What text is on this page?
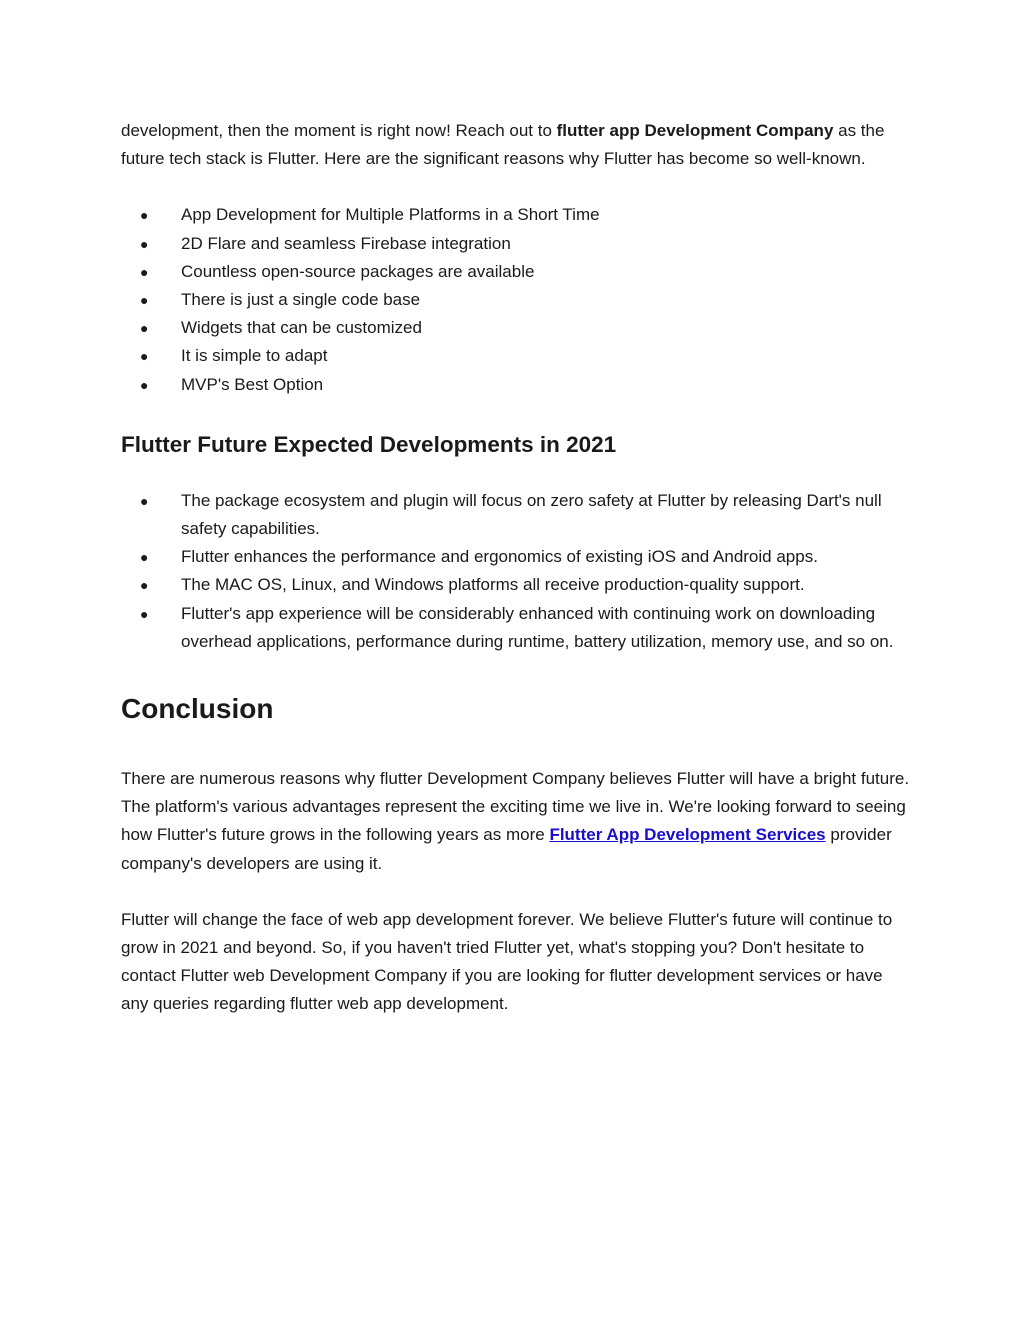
development, then the moment is right now! Reach out to flutter app Development Company as the future tech stack is Flutter. Here are the significant reasons why Flutter has become so well-known.

● App Development for Multiple Platforms in a Short Time
● 2D Flare and seamless Firebase integration
● Countless open-source packages are available
● There is just a single code base
● Widgets that can be customized
● It is simple to adapt
● MVP's Best Option
Flutter Future Expected Developments in 2021
● The package ecosystem and plugin will focus on zero safety at Flutter by releasing Dart's null safety capabilities.
● Flutter enhances the performance and ergonomics of existing iOS and Android apps.
● The MAC OS, Linux, and Windows platforms all receive production-quality support.
● Flutter's app experience will be considerably enhanced with continuing work on downloading overhead applications, performance during runtime, battery utilization, memory use, and so on.
Conclusion

There are numerous reasons why flutter Development Company believes Flutter will have a bright future. The platform's various advantages represent the exciting time we live in. We're looking forward to seeing how Flutter's future grows in the following years as more Flutter App Development Services provider company's developers are using it.

Flutter will change the face of web app development forever. We believe Flutter's future will continue to grow in 2021 and beyond. So, if you haven't tried Flutter yet, what's stopping you? Don't hesitate to contact Flutter web Development Company if you are looking for flutter development services or have any queries regarding flutter web app development.
